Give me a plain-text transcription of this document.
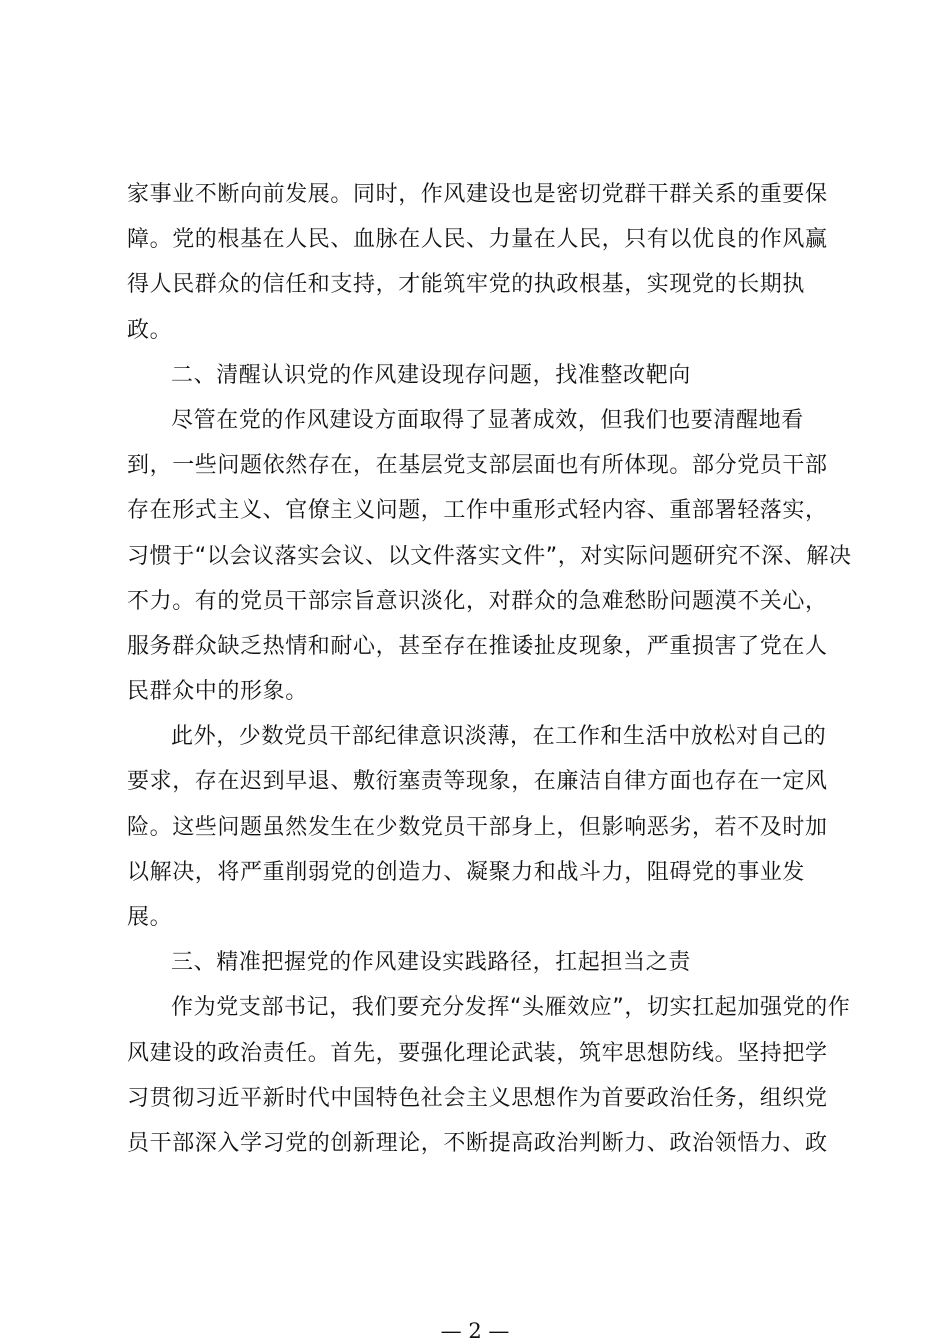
家事业不断向前发展。同时，作风建设也是密切党群干群关系的重要保
障。党的根基在人民、血脉在人民、力量在人民，只有以优良的作风赢
得人民群众的信任和支持，才能筑牢党的执政根基，实现党的长期执
政。
二、清醒认识党的作风建设现存问题，找准整改靶向
尽管在党的作风建设方面取得了显著成效，但我们也要清醒地看
到，一些问题依然存在，在基层党支部层面也有所体现。部分党员干部
存在形式主义、官僚主义问题，工作中重形式轻内容、重部署轻落实，
习惯于“以会议落实会议、以文件落实文件”，对实际问题研究不深、解决
不力。有的党员干部宗旨意识淡化，对群众的急难愁盼问题漠不关心，
服务群众缺乏热情和耐心，甚至存在推诿扯皮现象，严重损害了党在人
民群众中的形象。
此外，少数党员干部纪律意识淡薄，在工作和生活中放松对自己的
要求，存在迟到早退、敷衍塞责等现象，在廉洁自律方面也存在一定风
险。这些问题虽然发生在少数党员干部身上，但影响恶劣，若不及时加
以解决，将严重削弱党的创造力、凝聚力和战斗力，阻碍党的事业发
展。
三、精准把握党的作风建设实践路径，扛起担当之责
作为党支部书记，我们要充分发挥“头雁效应”，切实扛起加强党的作
风建设的政治责任。首先，要强化理论武装，筑牢思想防线。坚持把学
习贯彻习近平新时代中国特色社会主义思想作为首要政治任务，组织党
员干部深入学习党的创新理论，不断提高政治判断力、政治领悟力、政
— 2 —
